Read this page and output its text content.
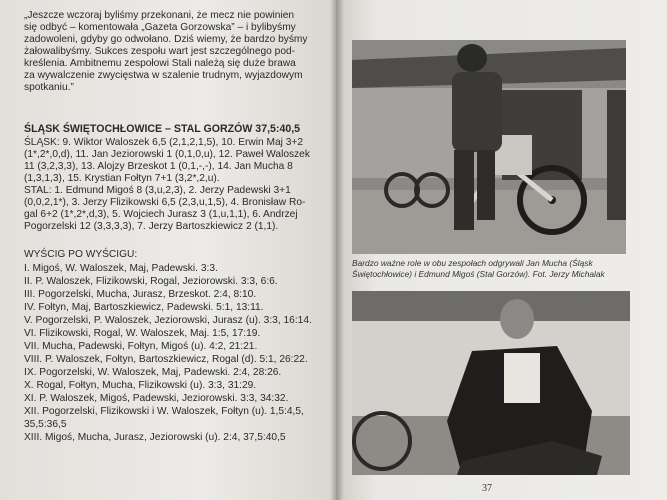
„Jeszcze wczoraj byliśmy przekonani, że mecz nie powinien
się odbyć – komentowała „Gazeta Gorzowska” – i bylibyśmy
zadowoleni, gdyby go odwołano. Dziś wiemy, że bardzo byśmy
żałowalibyśmy. Sukces zespołu wart jest szczególnego pod-
kreślenia. Ambitnemu zespołowi Stali należą się duże brawa
za wywalczenie zwycięstwa w szalenie trudnym, wyjazdowym
spotkaniu.”
ŚLĄSK ŚWIĘTOCHŁOWICE – STAL GORZÓW 37,5:40,5
ŚLĄSK: 9. Wiktor Waloszek 6,5 (2,1,2,1,5), 10. Erwin Maj 3+2
(1*,2*,0,d), 11. Jan Jeziorowski 1 (0,1,0,u), 12. Paweł Waloszek
11 (3,2,3,3), 13. Alojzy Brzeskot 1 (0,1,-,-), 14. Jan Mucha 8
(1,3,1,3), 15. Krystian Fołtyn 7+1 (3,2*,2,u).
STAL: 1. Edmund Migoś 8 (3,u,2,3), 2. Jerzy Padewski 3+1
(0,0,2,1*), 3. Jerzy Flizikowski 6,5 (2,3,u,1,5), 4. Bronisław Ro-
gal 6+2 (1*,2*,d,3), 5. Wojciech Jurasz 3 (1,u,1,1), 6. Andrzej
Pogorzelski 12 (3,3,3,3), 7. Jerzy Bartoszkiewicz 2 (1,1).
WYŚCIG PO WYŚCIGU:
I. Migoś, W. Waloszek, Maj, Padewski. 3:3.
II. P. Waloszek, Flizikowski, Rogal, Jeziorowski. 3:3, 6:6.
III. Pogorzelski, Mucha, Jurasz, Brzeskot. 2:4, 8:10.
IV. Fołtyn, Maj, Bartoszkiewicz, Padewski. 5:1, 13:11.
V. Pogorzelski, P. Waloszek, Jeziorowski, Jurasz (u). 3:3, 16:14.
VI. Flizikowski, Rogal, W. Waloszek, Maj. 1:5, 17:19.
VII. Mucha, Padewski, Fołtyn, Migoś (u). 4:2, 21:21.
VIII. P. Waloszek, Fołtyn, Bartoszkiewicz, Rogal (d). 5:1, 26:22.
IX. Pogorzelski, W. Waloszek, Maj, Padewski. 2:4, 28:26.
X. Rogal, Fołtyn, Mucha, Flizikowski (u). 3:3, 31:29.
XI. P. Waloszek, Migoś, Padewski, Jeziorowski. 3:3, 34:32.
XII. Pogorzelski, Flizikowski i W. Waloszek, Fołtyn (u). 1,5:4,5,
35,5:36,5
XIII. Migoś, Mucha, Jurasz, Jeziorowski (u). 2:4, 37,5:40,5
Bardzo ważne role w obu zespołach odgrywali Jan Mucha (Śląsk
Świętochłowice) i Edmund Migoś (Stal Gorzów). Fot. Jerzy Michalak
37
